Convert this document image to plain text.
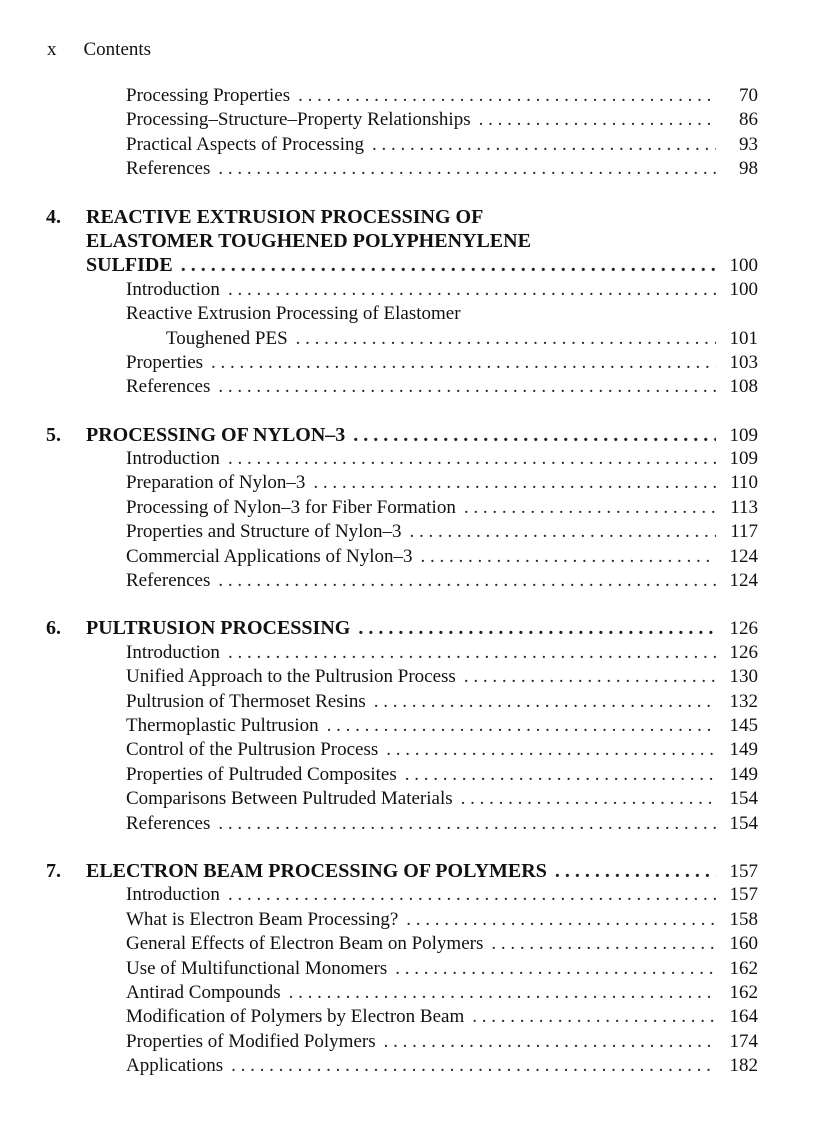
x Contents
Processing Properties . . .	70
Processing–Structure–Property Relationships . . .	86
Practical Aspects of Processing . . .	93
References . . .	98
4. REACTIVE EXTRUSION PROCESSING OF
ELASTOMER TOUGHENED POLYPHENYLENE
SULFIDE . . .	100
Introduction . . .	100
Reactive Extrusion Processing of Elastomer
Toughened PES . . .	101
Properties . . .	103
References . . .	108
5. PROCESSING OF NYLON–3 . . .	109
Introduction . . .	109
Preparation of Nylon–3 . . .	110
Processing of Nylon–3 for Fiber Formation . . .	113
Properties and Structure of Nylon–3 . . .	117
Commercial Applications of Nylon–3 . . .	124
References . . .	124
6. PULTRUSION PROCESSING . . .	126
Introduction . . .	126
Unified Approach to the Pultrusion Process . . .	130
Pultrusion of Thermoset Resins . . .	132
Thermoplastic Pultrusion . . .	145
Control of the Pultrusion Process . . .	149
Properties of Pultruded Composites . . .	149
Comparisons Between Pultruded Materials . . .	154
References . . .	154
7. ELECTRON BEAM PROCESSING OF POLYMERS . . .	157
Introduction . . .	157
What is Electron Beam Processing? . . .	158
General Effects of Electron Beam on Polymers . . .	160
Use of Multifunctional Monomers . . .	162
Antirad Compounds . . .	162
Modification of Polymers by Electron Beam . . .	164
Properties of Modified Polymers . . .	174
Applications . . .	182
